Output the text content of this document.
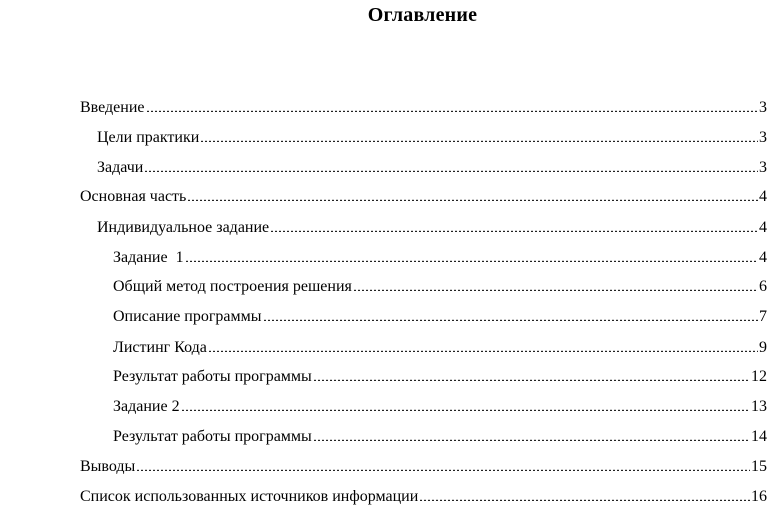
Оглавление
Введение	3
Цели практики	3
Задачи	3
Основная часть	4
Индивидуальное задание	4
Задание  1	4
Общий метод построения решения	6
Описание программы	7
Листинг Кода	9
Результат работы программы	12
Задание 2	13
Результат работы программы	14
Выводы	15
Список использованных источников информации	16
